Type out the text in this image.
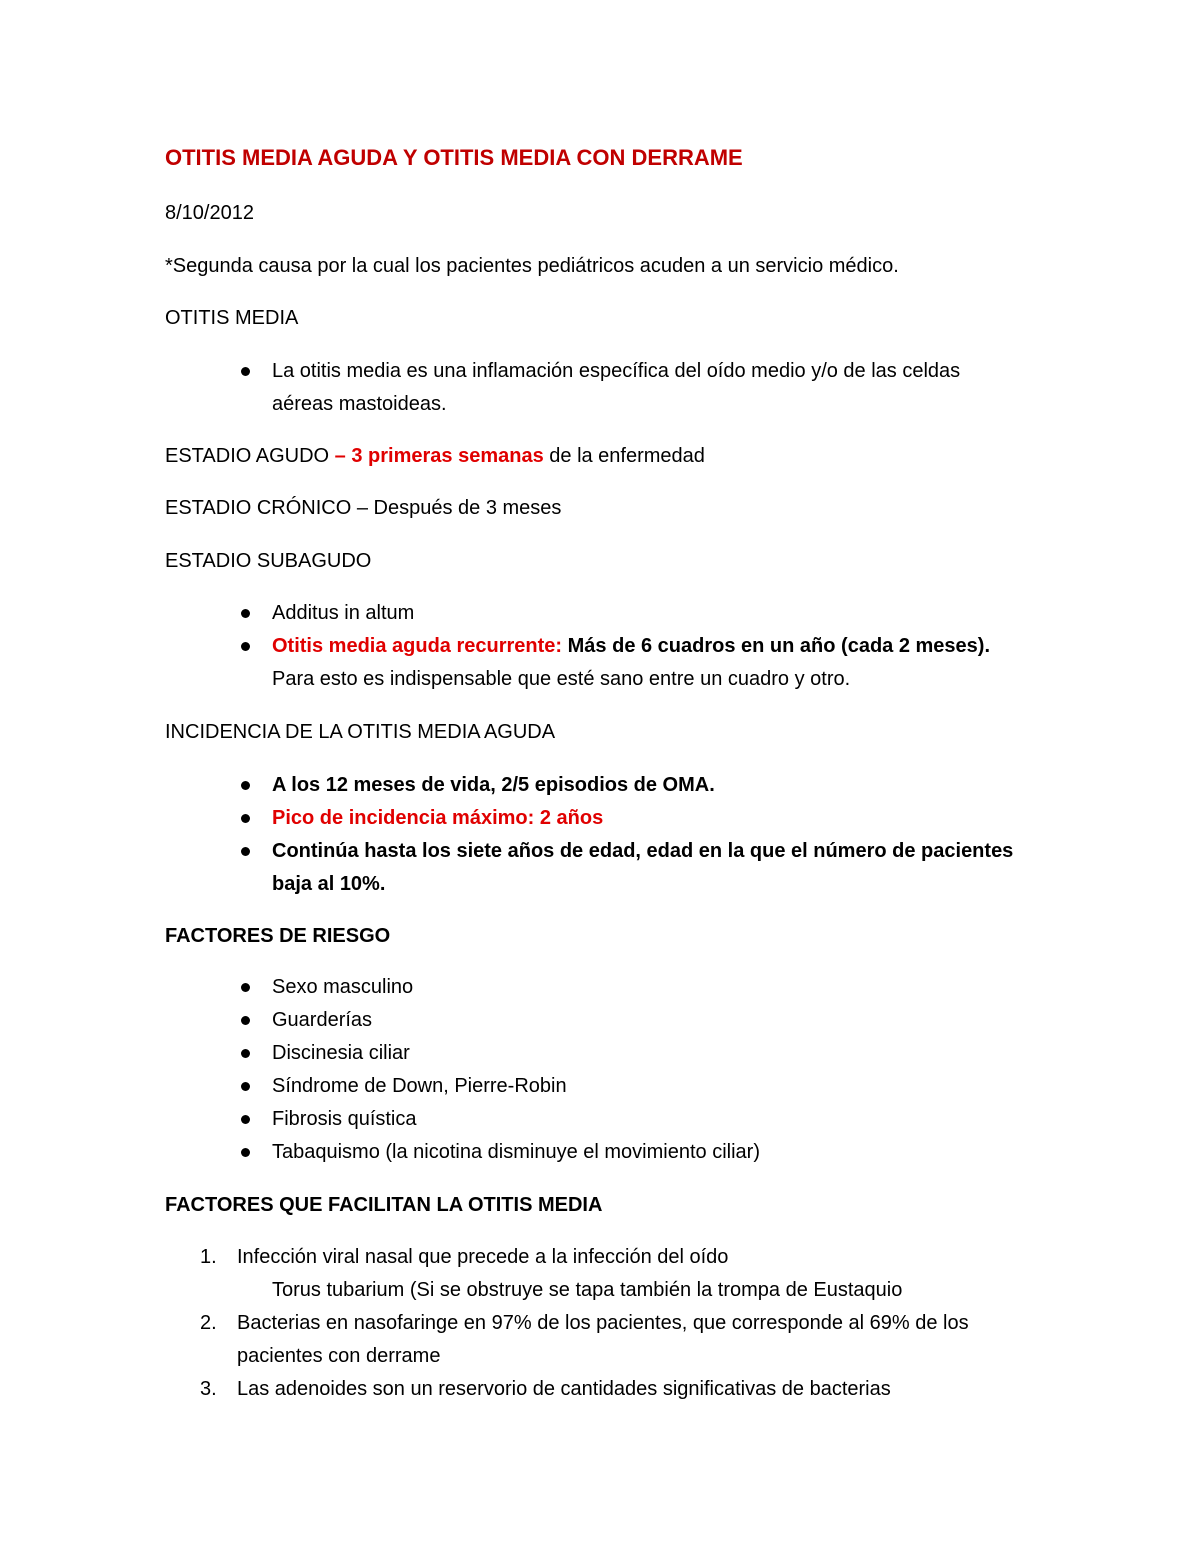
OTITIS MEDIA AGUDA Y OTITIS MEDIA CON DERRAME

8/10/2012

*Segunda causa por la cual los pacientes pediátricos acuden a un servicio médico.

OTITIS MEDIA

La otitis media es una inflamación específica del oído medio y/o de las celdas
aéreas mastoideas.

ESTADIO AGUDO – 3 primeras semanas de la enfermedad

ESTADIO CRÓNICO – Después de 3 meses

ESTADIO SUBAGUDO

Additus in altum
Otitis media aguda recurrente: Más de 6 cuadros en un año (cada 2 meses).
Para esto es indispensable que esté sano entre un cuadro y otro.

INCIDENCIA DE LA OTITIS MEDIA AGUDA

A los 12 meses de vida, 2/5 episodios de OMA.
Pico de incidencia máximo: 2 años
Continúa hasta los siete años de edad, edad en la que el número de pacientes
baja al 10%.

FACTORES DE RIESGO

Sexo masculino
Guarderías
Discinesia ciliar
Síndrome de Down, Pierre-Robin
Fibrosis quística
Tabaquismo (la nicotina disminuye el movimiento ciliar)

FACTORES QUE FACILITAN LA OTITIS MEDIA

1. Infección viral nasal que precede a la infección del oído
Torus tubarium (Si se obstruye se tapa también la trompa de Eustaquio
2. Bacterias en nasofaringe en 97% de los pacientes, que corresponde al 69% de los
pacientes con derrame
3. Las adenoides son un reservorio de cantidades significativas de bacterias
